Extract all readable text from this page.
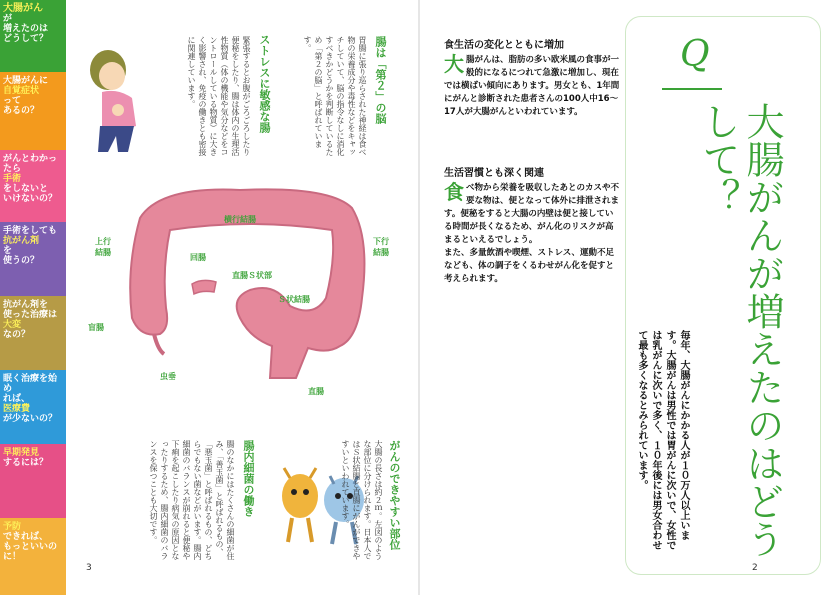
大腸がん
が
増えたのは
どうして？
大腸がんに
自覚症状
って
あるの？
がんとわかったら
手術
をしないと
いけないの？
手術をしても
抗がん剤
を
使うの？
抗がん剤を
使った治療は
大変
なの？
眠く治療を始め
れば、
医療費
が少ないの？
早期発見
するには？
予防
できれば、
もっといいのに！
腸は「第２」の脳
胃腸に張り巡らされた神経は食べ物の栄養成分や毒性などをキャッチしていて、脳の指令なしに消化すべきかどうかを判断しているため「第２の脳」と呼ばれています。
ストレスに敏感な腸
緊張するとお腹がごろごろしたり便秘をしたり、腸は体内の生理活性物質（体の機能や気分などをコントロールしている物質）に大きく影響され、免疫の働きとも密接に関連しています。
横行結腸
上行結腸
下行結腸
回腸
直腸Ｓ状部
Ｓ状結腸
盲腸
虫垂
直腸
腸内細菌の働き
腸のなかにはたくさんの細菌が住み、「善玉菌」と呼ばれるもの、「悪玉菌」と呼ばれるもの、どちらでもない菌などがいます。腸内細菌のバランスが崩れると便秘や下痢を起こしたり病気の原因となったりするため、腸内細菌のバランスを保つことも大切です。	がんのできやすい部位
大腸の長さは約２ｍ。左図のような部位に分けられます。日本人ではＳ状結腸と直腸にがんができやすいといわれています。
3
食生活の変化とともに増加
大腸がんは、脂肪の多い欧米風の食事が一般的になるにつれて急激に増加し、現在では横ばい傾向にあります。男女とも、1年間にがんと診断された患者さんの100人中16〜17人が大腸がんといわれています。
生活習慣とも深く関連
食べ物から栄養を吸収したあとのカスや不要な物は、便となって体外に排泄されます。便秘をすると大腸の内壁は便と接している時間が長くなるため、がん化のリスクが高まるといえるでしょう。
また、多量飲酒や喫煙、ストレス、運動不足なども、体の調子をくるわせがん化を促すと考えられます。
Q
大腸がんが増えたのはどうして？
毎年、大腸がんにかかる人が１０万人以上います。大腸がんは男性では胃がんに次いで、女性では乳がんに次いで多く、１０年後には男女合わせて最も多くなるとみられています。
2
